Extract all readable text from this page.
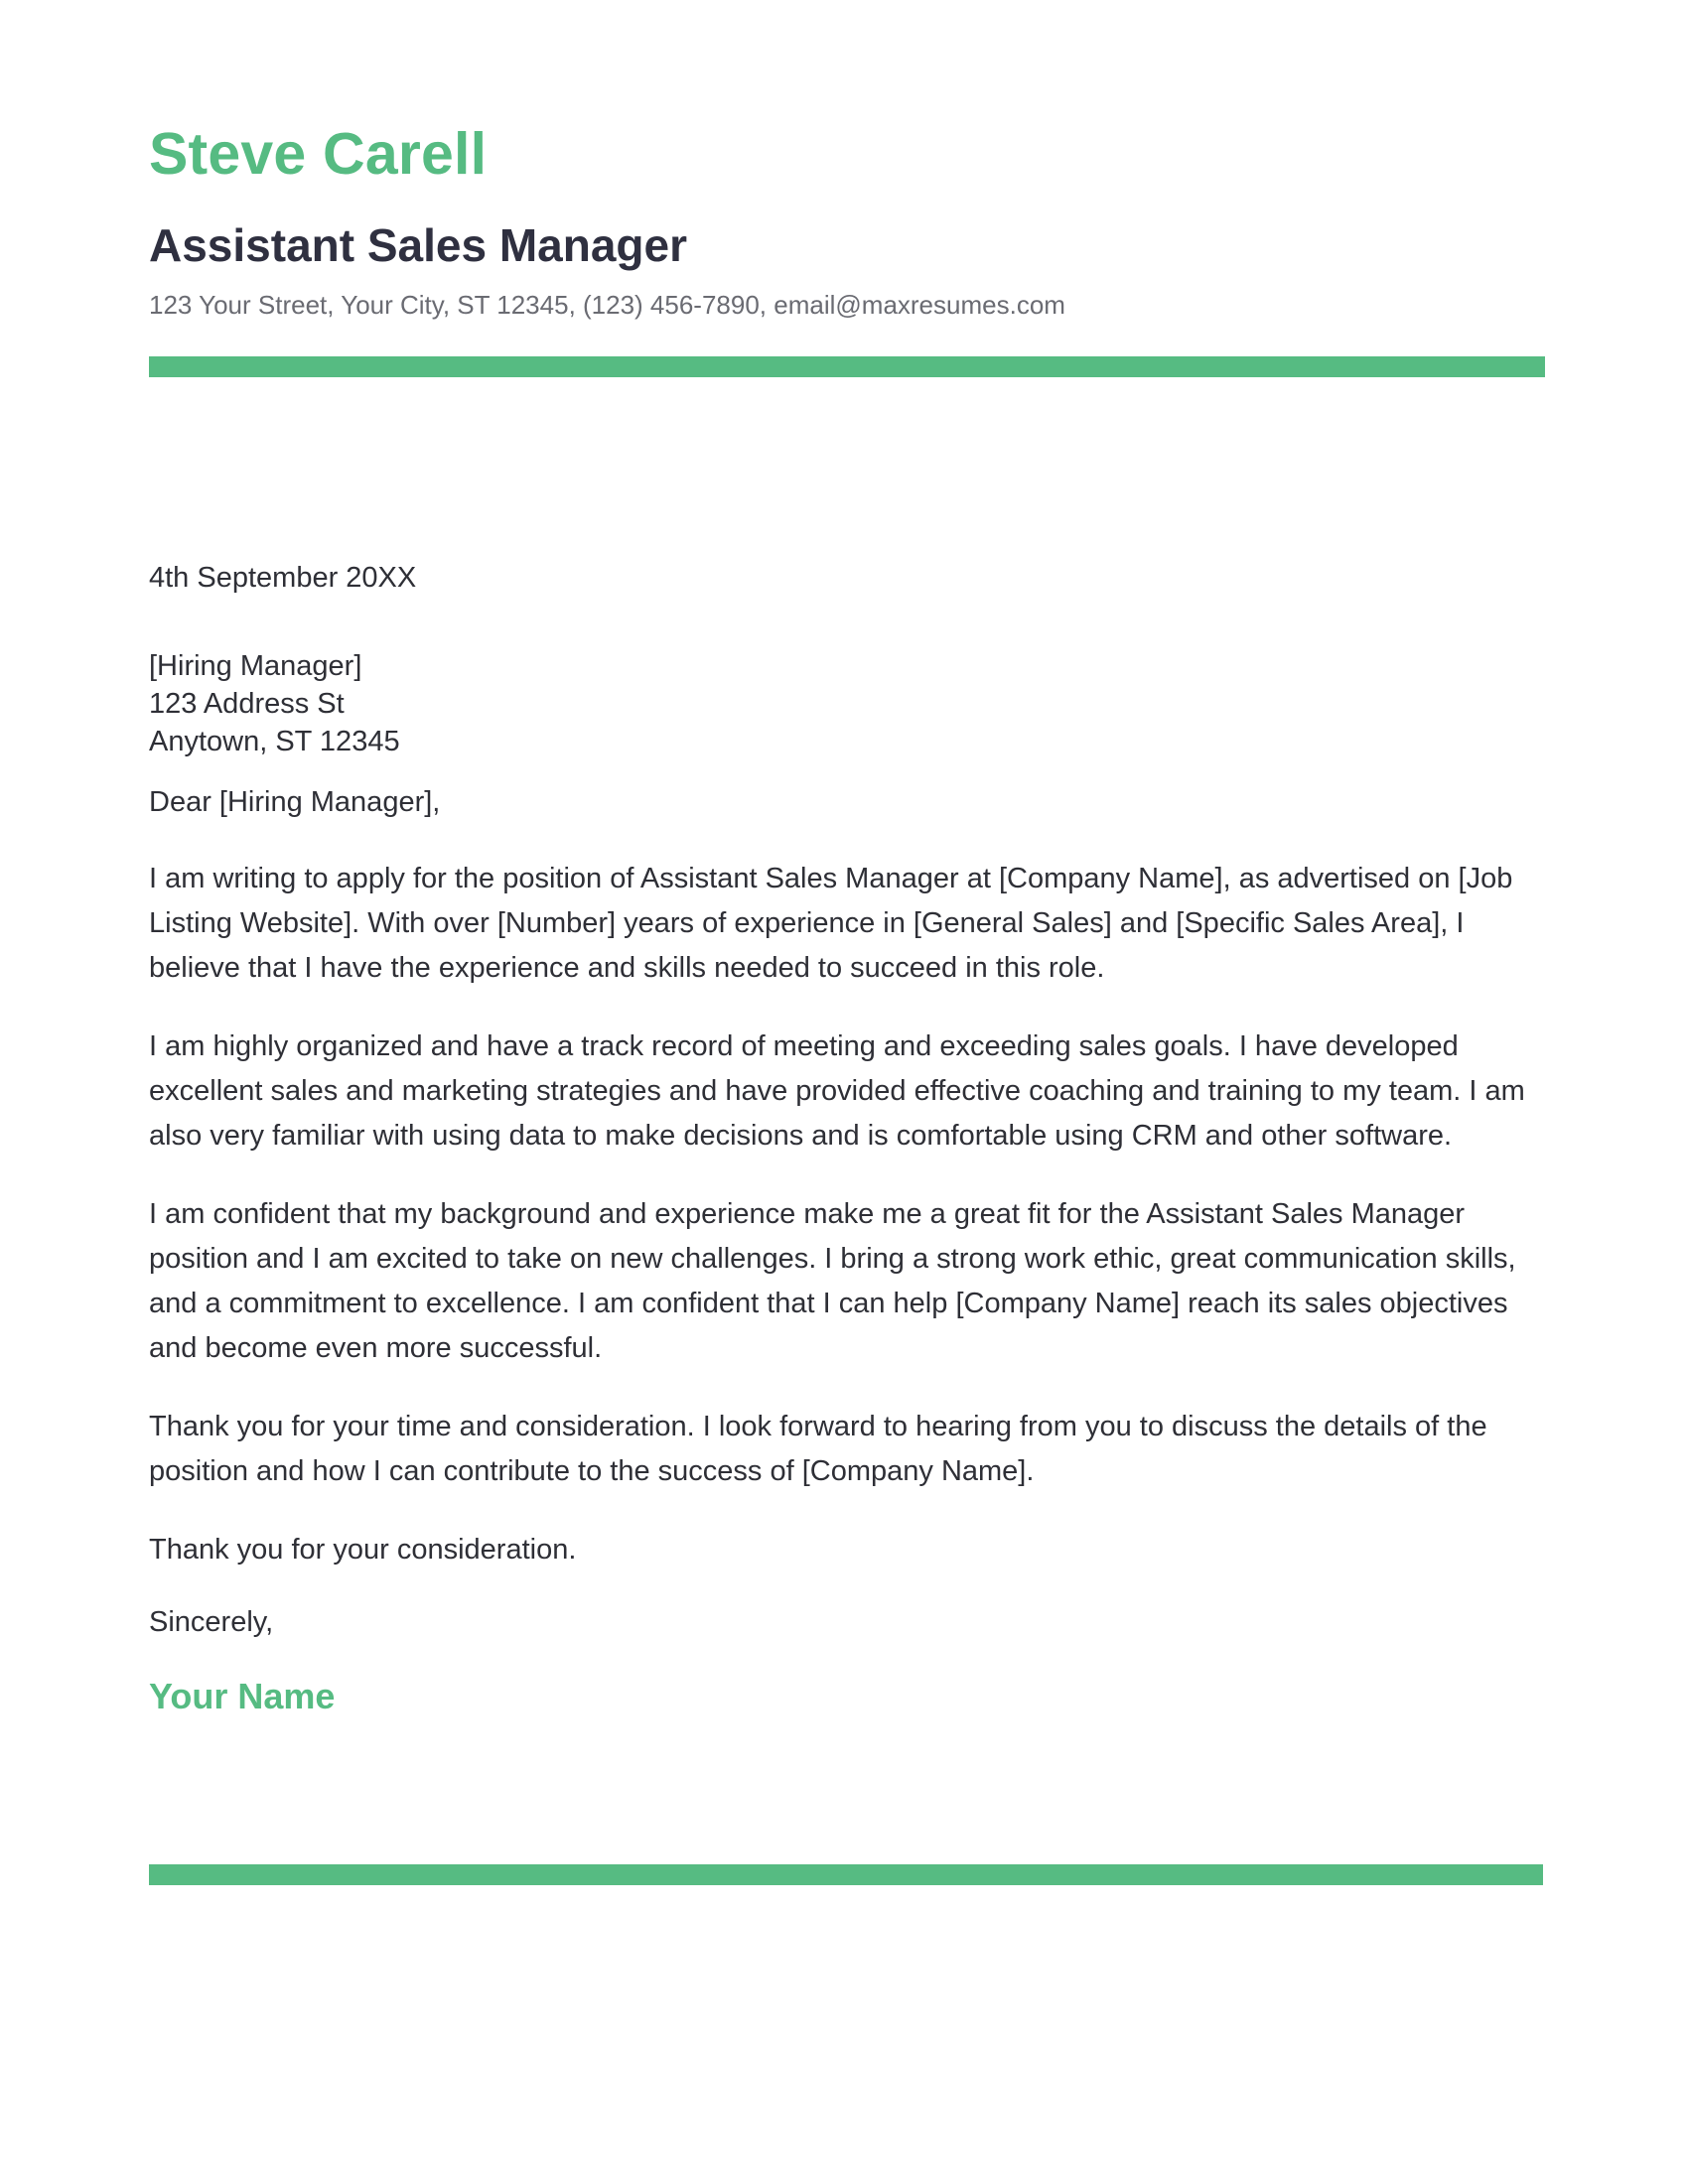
Steve Carell
Assistant Sales Manager

123 Your Street, Your City, ST 12345, (123) 456-7890, email@maxresumes.com

4th September 20XX

[Hiring Manager]
123 Address St
Anytown, ST 12345

Dear [Hiring Manager],

I am writing to apply for the position of Assistant Sales Manager at [Company Name], as advertised on [Job Listing Website]. With over [Number] years of experience in [General Sales] and [Specific Sales Area], I believe that I have the experience and skills needed to succeed in this role.

I am highly organized and have a track record of meeting and exceeding sales goals. I have developed excellent sales and marketing strategies and have provided effective coaching and training to my team. I am also very familiar with using data to make decisions and is comfortable using CRM and other software.

I am confident that my background and experience make me a great fit for the Assistant Sales Manager position and I am excited to take on new challenges. I bring a strong work ethic, great communication skills, and a commitment to excellence. I am confident that I can help [Company Name] reach its sales objectives and become even more successful.

Thank you for your time and consideration. I look forward to hearing from you to discuss the details of the position and how I can contribute to the success of [Company Name].

Thank you for your consideration.

Sincerely,

Your Name
